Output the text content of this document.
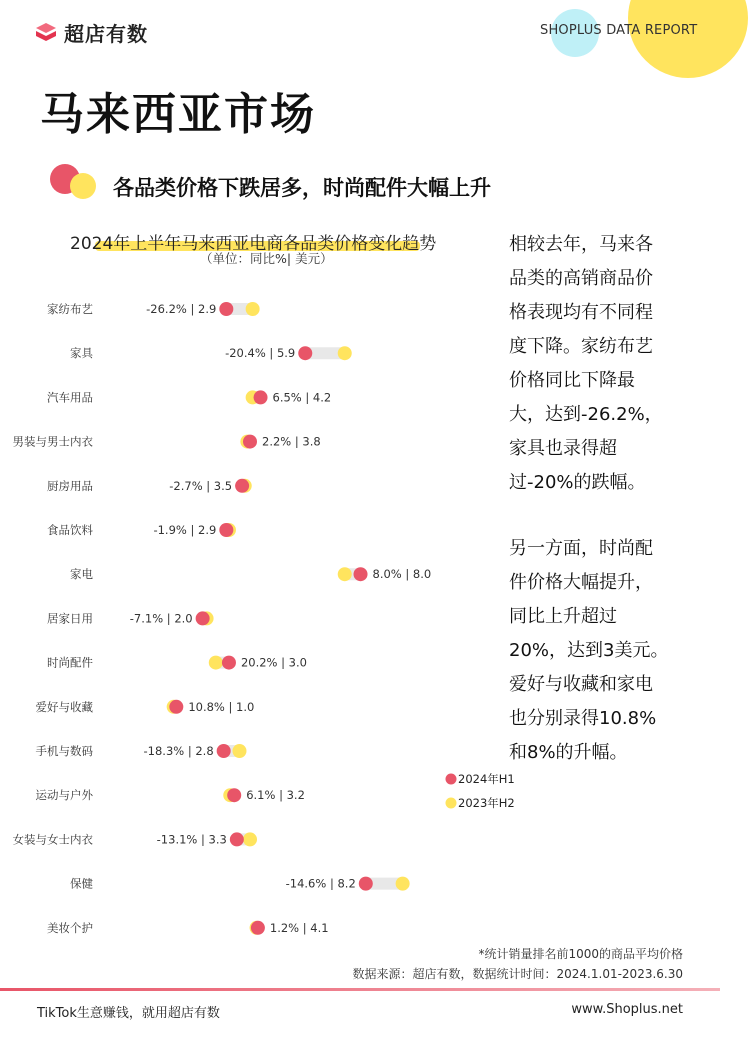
SHOPLUS DATA REPORT
超店有数
马来西亚市场
各品类价格下跌居多，时尚配件大幅上升
2024年上半年马来西亚电商各品类价格变化趋势
（单位：同比%| 美元）
家纺布艺	-26.2% | 2.9
家具	-20.4% | 5.9
汽车用品	6.5% | 4.2
男装与男士内衣	2.2% | 3.8
厨房用品	-2.7% | 3.5
食品饮料	-1.9% | 2.9
家电	8.0% | 8.0
居家日用	-7.1% | 2.0
时尚配件	20.2% | 3.0
爱好与收藏	10.8% | 1.0
手机与数码	-18.3% | 2.8
运动与户外	6.1% | 3.2
女装与女士内衣	-13.1% | 3.3
保健	-14.6% | 8.2
美妆个护	1.2% | 4.1
2024年H1
2023年H2

相较去年，马来各品类的高销商品价格表现均有不同程度下降。家纺布艺价格同比下降最大，达到-26.2%，家具也录得超过-20%的跌幅。

另一方面，时尚配件价格大幅提升，同比上升超过20%，达到3美元。爱好与收藏和家电也分别录得10.8%和8%的升幅。

*统计销量排名前1000的商品平均价格
数据来源：超店有数，数据统计时间：2024.1.01-2023.6.30
TikTok生意赚钱，就用超店有数	www.Shoplus.net
